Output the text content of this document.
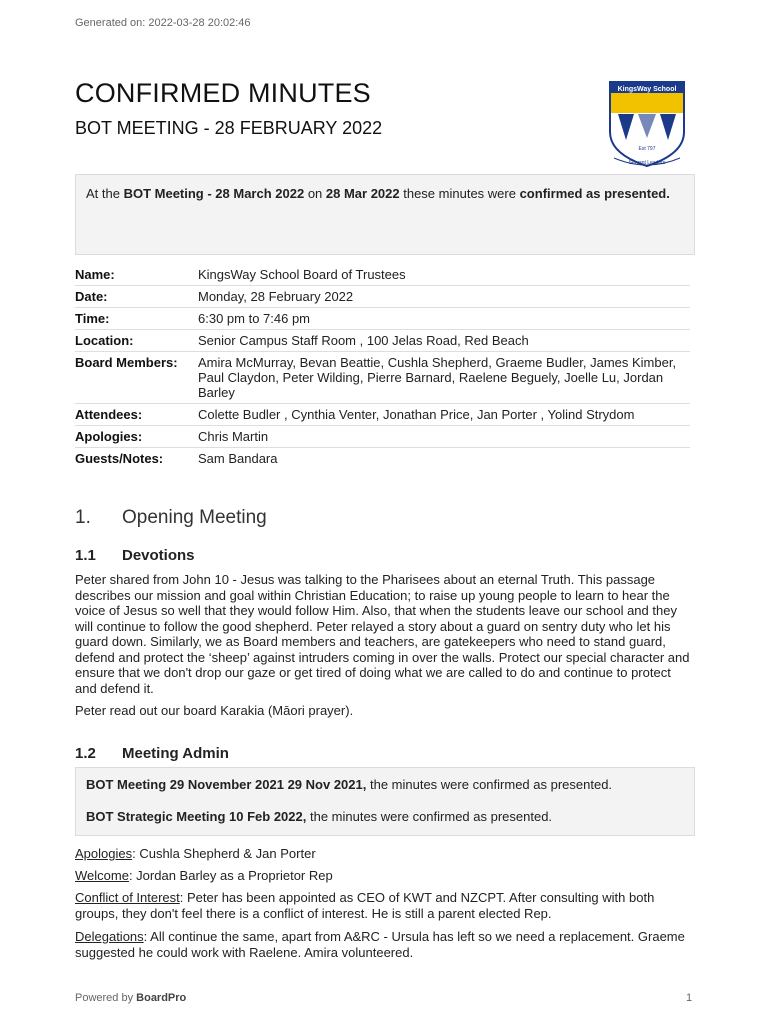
Generated on: 2022-03-28 20:02:46
CONFIRMED MINUTES
BOT MEETING - 28 FEBRUARY 2022
KingsWay School
Est 797
Servant Leaders
At the BOT Meeting - 28 March 2022 on 28 Mar 2022 these minutes were confirmed as presented.
Name:	KingsWay School Board of Trustees
Date:	Monday, 28 February 2022
Time:	6:30 pm to 7:46 pm
Location:	Senior Campus Staff Room , 100 Jelas Road, Red Beach
Board Members:	Amira McMurray, Bevan Beattie, Cushla Shepherd, Graeme Budler, James Kimber, Paul Claydon, Peter Wilding, Pierre Barnard, Raelene Beguely, Joelle Lu, Jordan Barley
Attendees:	Colette Budler , Cynthia Venter, Jonathan Price, Jan Porter , Yolind Strydom
Apologies:	Chris Martin
Guests/Notes:	Sam Bandara
1. Opening Meeting
1.1 Devotions

Peter shared from John 10 - Jesus was talking to the Pharisees about an eternal Truth. This passage describes our mission and goal within Christian Education; to raise up young people to learn to hear the voice of Jesus so well that they would follow Him. Also, that when the students leave our school and they will continue to follow the good shepherd. Peter relayed a story about a guard on sentry duty who let his guard down. Similarly, we as Board members and teachers, are gatekeepers who need to stand guard, defend and protect the ‘sheep’ against intruders coming in over the walls. Protect our special character and ensure that we don't drop our gaze or get tired of doing what we are called to do and continue to protect and defend it.

Peter read out our board Karakia (Māori prayer).

1.2 Meeting Admin

BOT Meeting 29 November 2021 29 Nov 2021, the minutes were confirmed as presented.

BOT Strategic Meeting 10 Feb 2022, the minutes were confirmed as presented.

Apologies: Cushla Shepherd & Jan Porter

Welcome: Jordan Barley as a Proprietor Rep

Conflict of Interest: Peter has been appointed as CEO of KWT and NZCPT. After consulting with both groups, they don't feel there is a conflict of interest. He is still a parent elected Rep.

Delegations: All continue the same, apart from A&RC - Ursula has left so we need a replacement. Graeme suggested he could work with Raelene. Amira volunteered.

Powered by BoardPro	1
